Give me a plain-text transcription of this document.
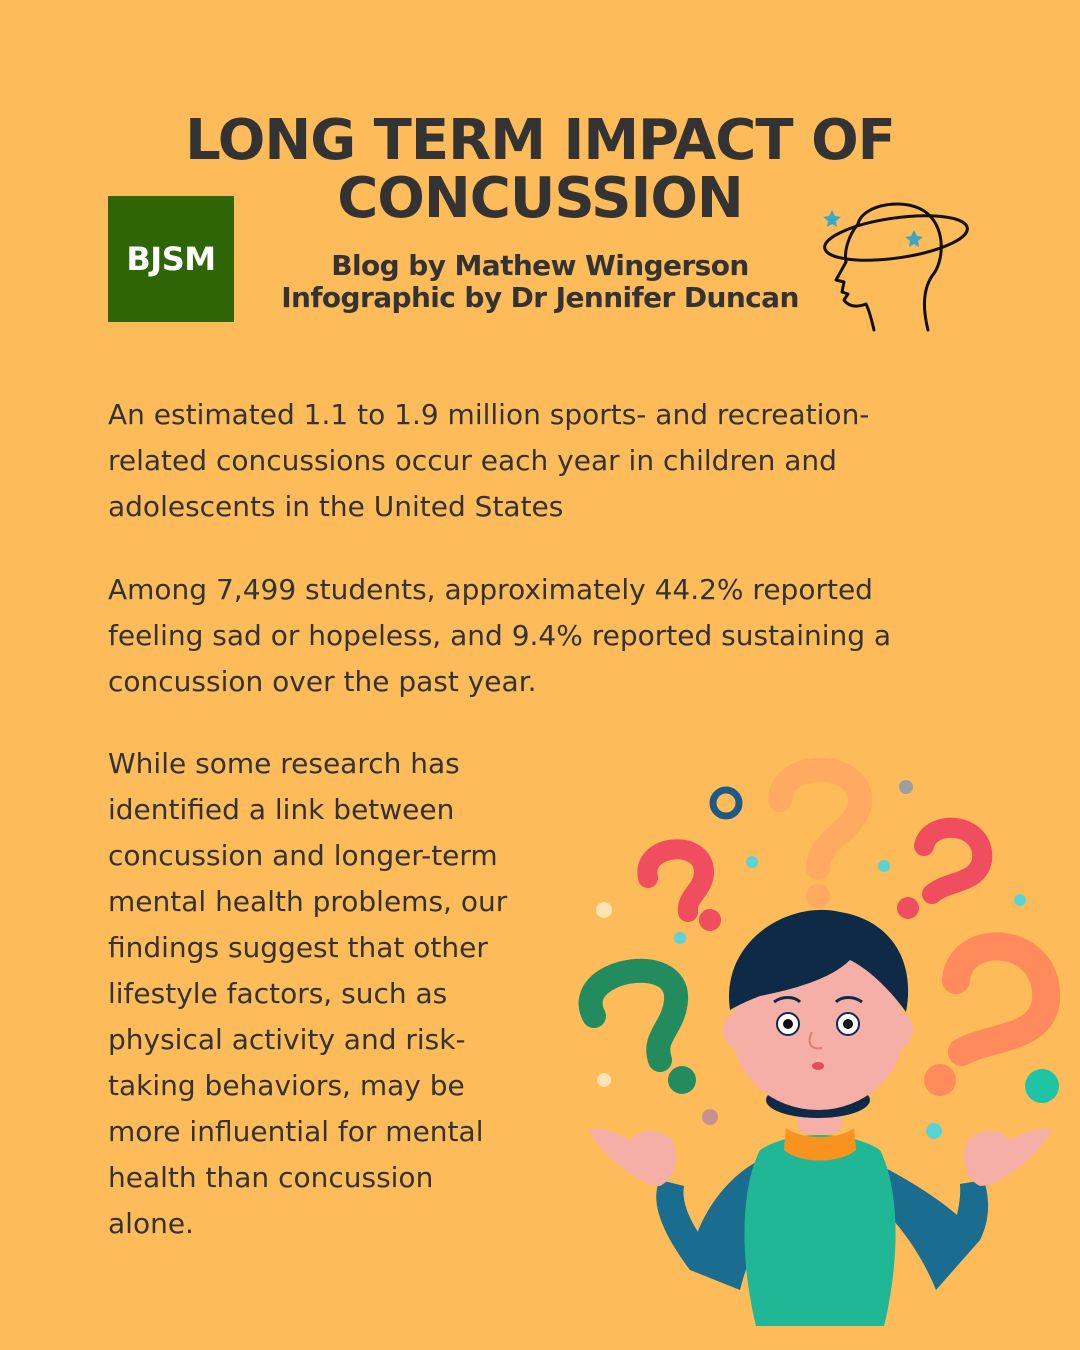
LONG TERM IMPACT OF
CONCUSSION
BJSM	Blog by Mathew Wingerson
Infographic by Dr Jennifer Duncan

An estimated 1.1 to 1.9 million sports- and recreation-related concussions occur each year in children and adolescents in the United States

Among 7,499 students, approximately 44.2% reported feeling sad or hopeless, and 9.4% reported sustaining a concussion over the past year.

While some research has
identified a link between
concussion and longer-term
mental health problems, our
findings suggest that other
lifestyle factors, such as
physical activity and risk-
taking behaviors, may be
more influential for mental
health than concussion
alone.
